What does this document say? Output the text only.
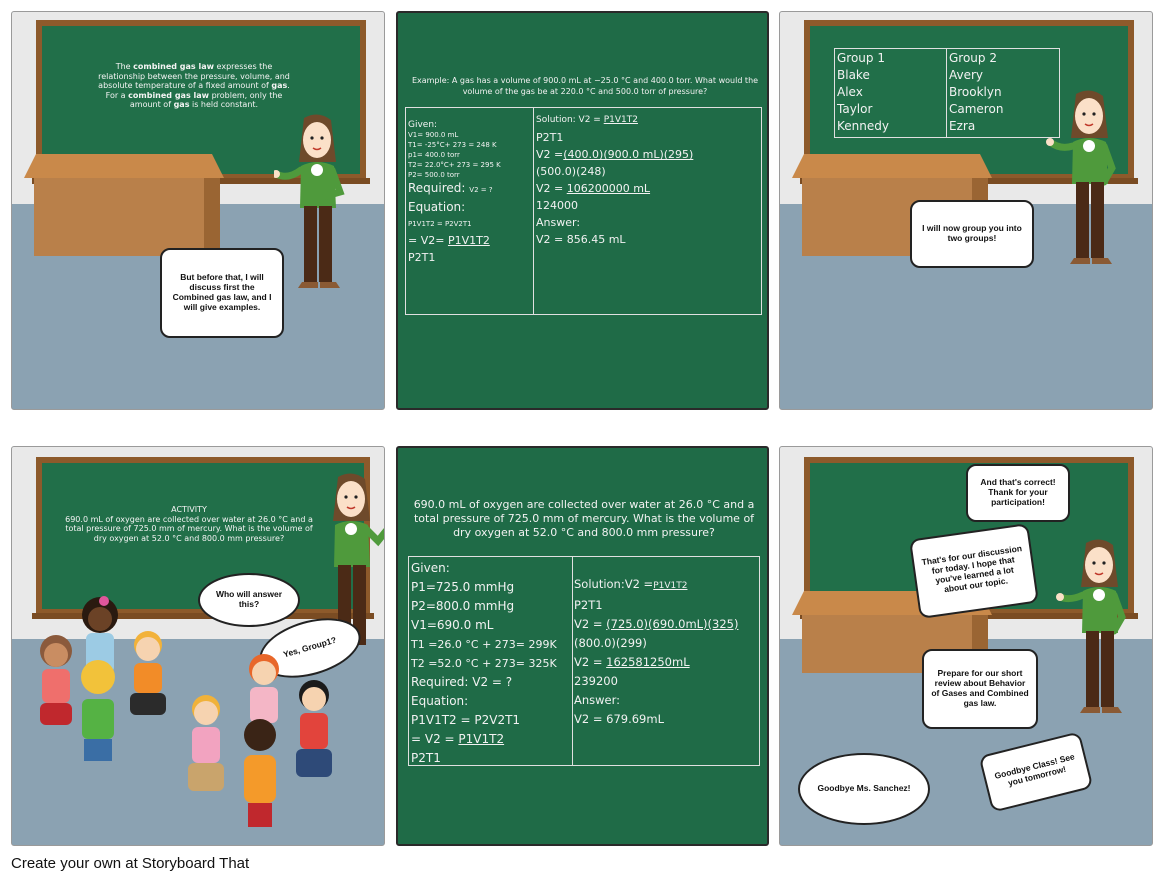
The combined gas law expresses the relationship between the pressure, volume, and absolute temperature of a fixed amount of gas. For a combined gas law problem, only the amount of gas is held constant.
But before that, I will discuss first the Combined gas law, and I will give examples.
Example: A gas has a volume of 900.0 mL at −25.0 °C and 400.0 torr. What would the volume of the gas be at 220.0 °C and 500.0 torr of pressure?
Given:
V1= 900.0 mL
T1= -25°C+ 273 = 248 K
p1= 400.0 torr
T2= 22.0°C+ 273 = 295 K
P2= 500.0 torr
Required: V2 = ?
Equation:
P1V1T2 = P2V2T1
= V2= P1V1T2
P2T1
Solution: V2 = P1V1T2
P2T1
V2 =(400.0)(900.0 mL)(295)
(500.0)(248)
V2 = 106200000 mL
124000
Answer:
V2 = 856.45 mL
Group 1
Blake
Alex
Taylor
Kennedy
Group 2
Avery
Brooklyn
Cameron
Ezra
I will now group you into two groups!
ACTIVITY
690.0 mL of oxygen are collected over water at 26.0 °C and a total pressure of 725.0 mm of mercury. What is the volume of dry oxygen at 52.0 °C and 800.0 mm pressure?
Who will answer this?
Yes, Group1?
690.0 mL of oxygen are collected over water at 26.0 °C and a total pressure of 725.0 mm of mercury. What is the volume of dry oxygen at 52.0 °C and 800.0 mm pressure?
Given:
P1=725.0 mmHg
P2=800.0 mmHg
V1=690.0 mL
T1 =26.0 °C + 273= 299K
T2 =52.0 °C + 273= 325K
Required: V2 = ?
Equation:
P1V1T2 = P2V2T1
= V2 = P1V1T2
P2T1
Solution:V2 =P1V1T2
P2T1
V2 = (725.0)(690.0mL)(325)
(800.0)(299)
V2 = 162581250mL
239200
Answer:
V2 = 679.69mL
And that's correct! Thank for your participation!
That's for our discussion for today. I hope that you've learned a lot about our topic.
Prepare for our short review about Behavior of Gases and Combined gas law.
Goodbye Class! See you tomorrow!
Goodbye Ms. Sanchez!
Create your own at Storyboard That
